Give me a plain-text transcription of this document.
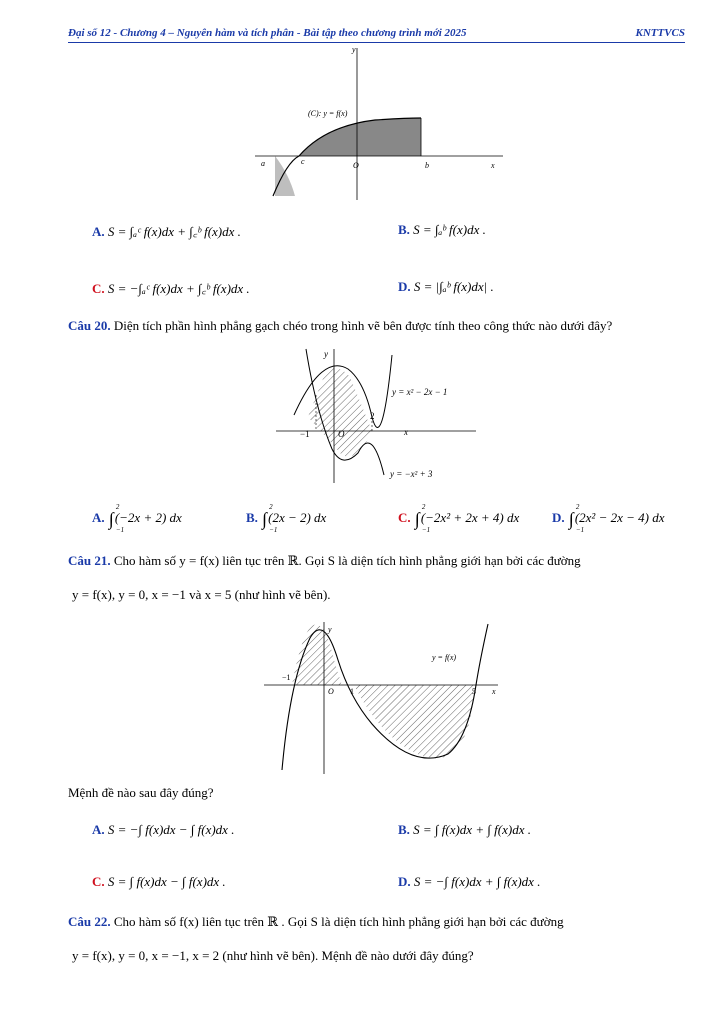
Đại số 12 - Chương 4 – Nguyên hàm và tích phân - Bài tập theo chương trình mới 2025	KNTTVCS
y
x
a	c	O	b
(C): y = f(x)
A. S = ∫ₐᶜ f(x)dx + ∫꜀ᵇ f(x)dx .	B. S = ∫ₐᵇ f(x)dx .
C. S = −∫ₐᶜ f(x)dx + ∫꜀ᵇ f(x)dx .	D. S = |∫ₐᵇ f(x)dx| .
Câu 20. Diện tích phần hình phẳng gạch chéo trong hình vẽ bên được tính theo công thức nào dưới đây?
y
x
O
−1
2
y = x² − 2x − 1
y = −x² + 3
A. ∫
2
−1
(−2x + 2) dx	B. ∫
2
−1
(2x − 2) dx	C. ∫
2
−1
(−2x² + 2x + 4) dx	D. ∫
2
−1
(2x² − 2x − 4) dx
Câu 21. Cho hàm số y = f(x) liên tục trên ℝ. Gọi S là diện tích hình phẳng giới hạn bởi các đường
y = f(x), y = 0, x = −1 và x = 5 (như hình vẽ bên).
y
x
O
−1
1	5
y = f(x)
Mệnh đề nào sau đây đúng?
A. S = −∫ f(x)dx − ∫ f(x)dx .	B. S = ∫ f(x)dx + ∫ f(x)dx .
C. S = ∫ f(x)dx − ∫ f(x)dx .	D. S = −∫ f(x)dx + ∫ f(x)dx .
Câu 22. Cho hàm số f(x) liên tục trên ℝ . Gọi S là diện tích hình phẳng giới hạn bởi các đường
y = f(x), y = 0, x = −1, x = 2 (như hình vẽ bên). Mệnh đề nào dưới đây đúng?
